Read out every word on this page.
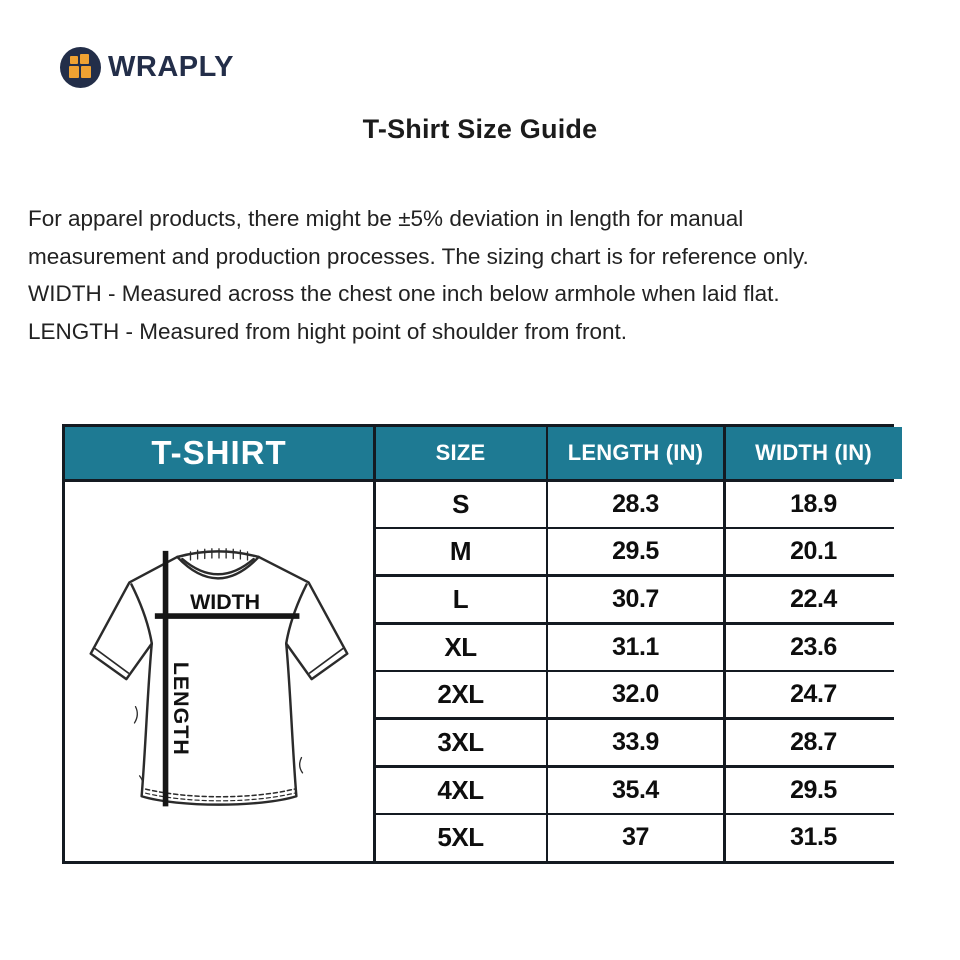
WRAPLY
T-Shirt Size Guide

For apparel products, there might be ±5% deviation in length for manual measurement and production processes. The sizing chart is for reference only.

WIDTH - Measured across the chest one inch below armhole when laid flat.

LENGTH - Measured from hight point of shoulder from front.

T-SHIRT	SIZE	LENGTH (IN)	WIDTH (IN)
WIDTH
LENGTH
S	28.3	18.9
M	29.5	20.1
L	30.7	22.4
XL	31.1	23.6
2XL	32.0	24.7
3XL	33.9	28.7
4XL	35.4	29.5
5XL	37	31.5
